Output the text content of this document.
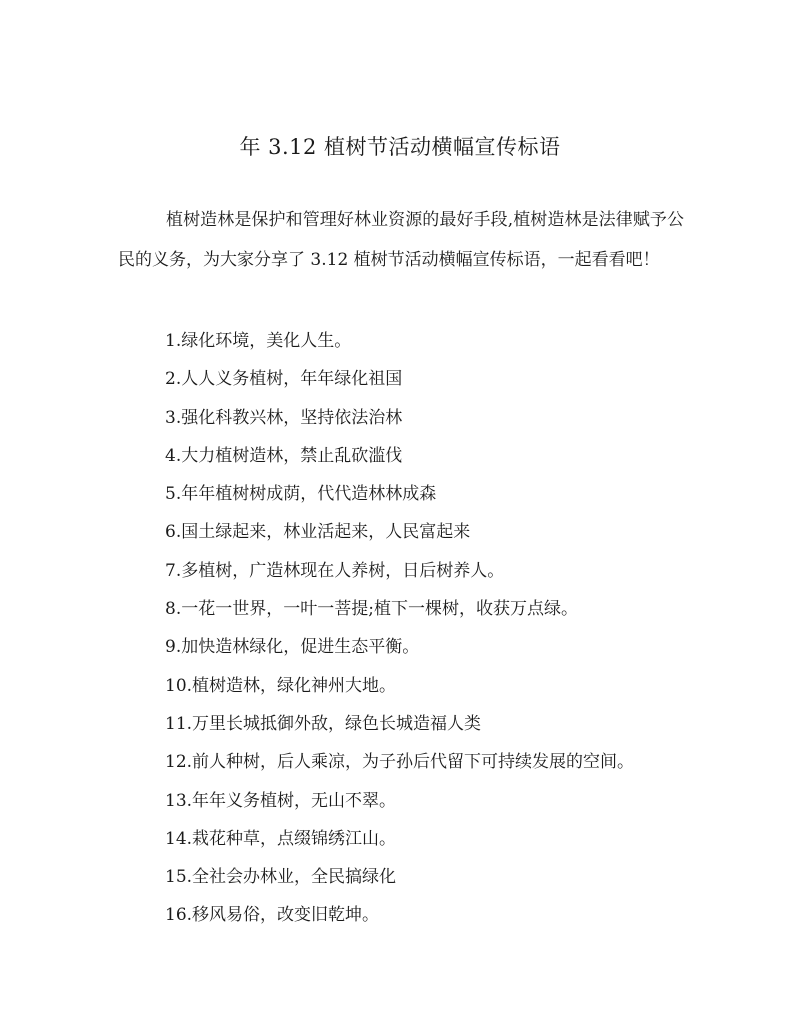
年 3.12 植树节活动横幅宣传标语

植树造林是保护和管理好林业资源的最好手段,植树造林是法律赋予公民的义务，为大家分享了 3.12 植树节活动横幅宣传标语，一起看看吧！

1.绿化环境，美化人生。
2.人人义务植树，年年绿化祖国
3.强化科教兴林，坚持依法治林
4.大力植树造林，禁止乱砍滥伐
5.年年植树树成荫，代代造林林成森
6.国土绿起来，林业活起来，人民富起来
7.多植树，广造林现在人养树，日后树养人。
8.一花一世界，一叶一菩提;植下一棵树，收获万点绿。
9.加快造林绿化，促进生态平衡。
10.植树造林，绿化神州大地。
11.万里长城抵御外敌，绿色长城造福人类
12.前人种树，后人乘凉，为子孙后代留下可持续发展的空间。
13.年年义务植树，无山不翠。
14.栽花种草，点缀锦绣江山。
15.全社会办林业，全民搞绿化
16.移风易俗，改变旧乾坤。
